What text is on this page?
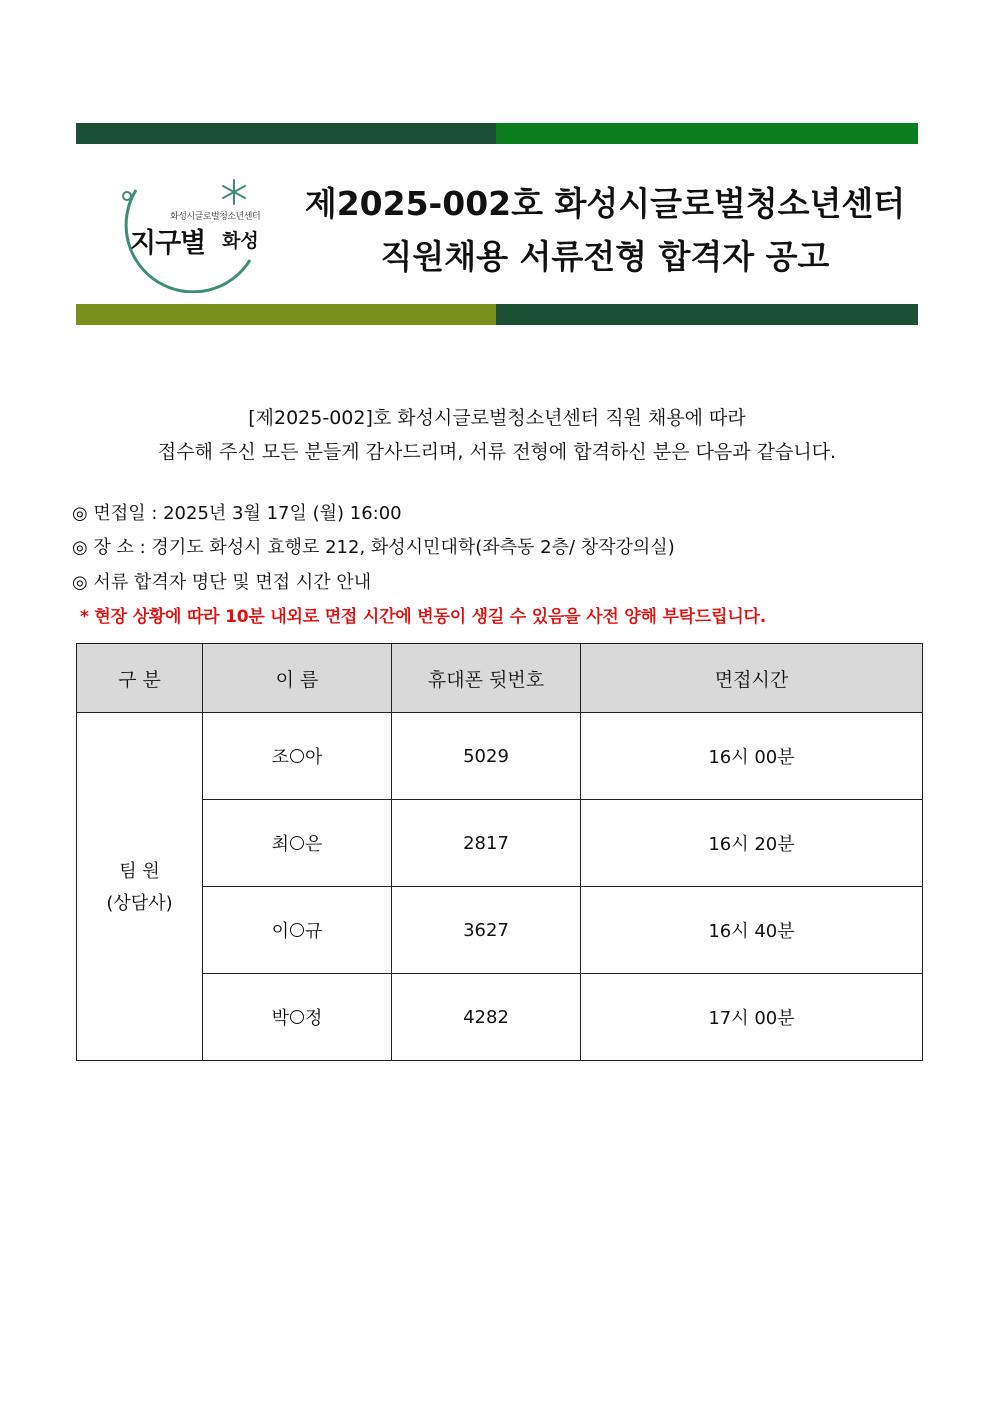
화성시글로벌청소년센터
지구별 화성
제2025-002호 화성시글로벌청소년센터
직원채용 서류전형 합격자 공고
[제2025-002]호 화성시글로벌청소년센터 직원 채용에 따라
접수해 주신 모든 분들게 감사드리며, 서류 전형에 합격하신 분은 다음과 같습니다.
◎ 면접일 : 2025년 3월 17일 (월) 16:00
◎ 장 소 : 경기도 화성시 효행로 212, 화성시민대학(좌측동 2층/ 창작강의실)
◎ 서류 합격자 명단 및 면접 시간 안내
* 현장 상황에 따라 10분 내외로 면접 시간에 변동이 생길 수 있음을 사전 양해 부탁드립니다.
구 분	이 름	휴대폰 뒷번호	면접시간

팀 원
(상담사)	조 아	5029	16시 00분
	최 은	2817	16시 20분
	이 규	3627	16시 40분
	박 정	4282	17시 00분
